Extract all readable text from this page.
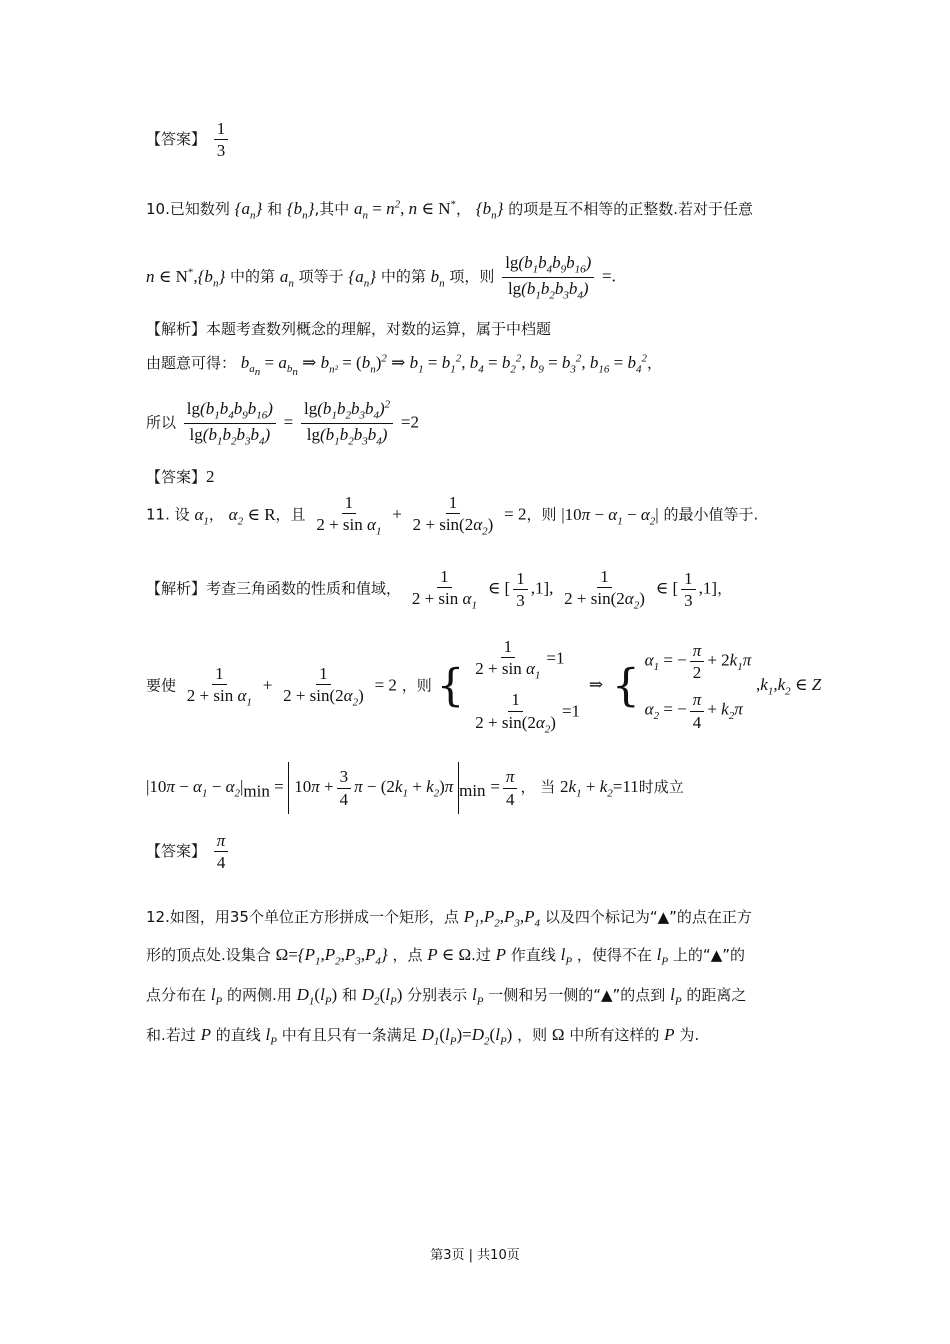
【答案】 $\frac{1}{3}$
10.已知数列 $\{a_n\}$ 和 $\{b_n\}$,其中 $a_n = n^2$, n ∈ N*， $\{b_n\}$ 的项是互不相等的正整数.若对于任意
n ∈ $N^*,\{b_n\}$ 中的第 $a_n$ 项等于 $\{a_n\}$ 中的第 $b_n$ 项，则 $\frac{\lg(b_1b_4b_9b_{16})}{\lg(b_1b_2b_3b_4)}$ =.
【解析】本题考查数列概念的理解，对数的运算，属于中档题
由题意可得： $b_{a_n} = a_{b_n}$ ⇒ $b_{n^2} = (b_n)^2$ ⇒ $b_1 = b_1^2$, $b_4 = b_2^2$, $b_9 = b_3^2$, $b_{16} = b_4^2$，
所以 $\frac{\lg(b_1b_4b_9b_{16})}{\lg(b_1b_2b_3b_4)} = \frac{\lg(b_1b_2b_3b_4)^2}{\lg(b_1b_2b_3b_4)} =2$
【答案】2
11. 设 $\alpha_1$， $\alpha_2$ ∈ R，且 $\frac{1}{2 + \sin \alpha_1} + \frac{1}{2 + \sin(2\alpha_2)} = 2$，则 $|10\pi - \alpha_1 - \alpha_2|$ 的最小值等于.
【解析】考查三角函数的性质和值域， $\frac{1}{2 + \sin \alpha_1}$ ∈ [ $\frac{1}{3} ,1$], $\frac{1}{2 + \sin(2\alpha_2)}$ ∈ [ $\frac{1}{3} ,1$]，
要使 $\frac{1}{2 + \sin \alpha_1} + \frac{1}{2 + \sin(2\alpha_2)} = 2$ ，则 {
$\frac{1}{2 + \sin \alpha_1} =1$
$\frac{1}{2 + \sin(2\alpha_2)} =1$
⇒ {
$\alpha_1$ = − $\frac{\pi}{2} + 2k_1\pi$
$\alpha_2$ = − $\frac{\pi}{4} + k_2\pi$
$,k_1,k_2$ ∈ Z
$|10\pi - \alpha_1 - \alpha_2|_{min} = 10\pi + \frac{3}{4}$ $\pi - (2k_1 + k_2)\pi$ $_{min} = \frac{\pi}{4}$ ， 当 $2k_1 + k_2=11$时成立
【答案】 $\frac{\pi}{4}$
12.如图，用35个单位正方形拼成一个矩形，点 $P_1,P_2,P_3,P_4$ 以及四个标记为“▲”的点在正方
形的顶点处.设集合 $\Omega=\{P_1,P_2,P_3,P_4\}$ ，点 P ∈ Ω.过 P 作直线 $l_P$ ，使得不在 $l_P$ 上的“▲”的
点分布在 $l_P$ 的两侧.用 $D_1(l_P)$ 和 $D_2(l_P)$ 分别表示 $l_P$ 一侧和另一侧的“▲”的点到 $l_P$ 的距离之
和.若过 P 的直线 $l_P$ 中有且只有一条满足 $D_1(l_P)=D_2(l_P)$ ，则 Ω 中所有这样的 P 为.
第3页 | 共10页
